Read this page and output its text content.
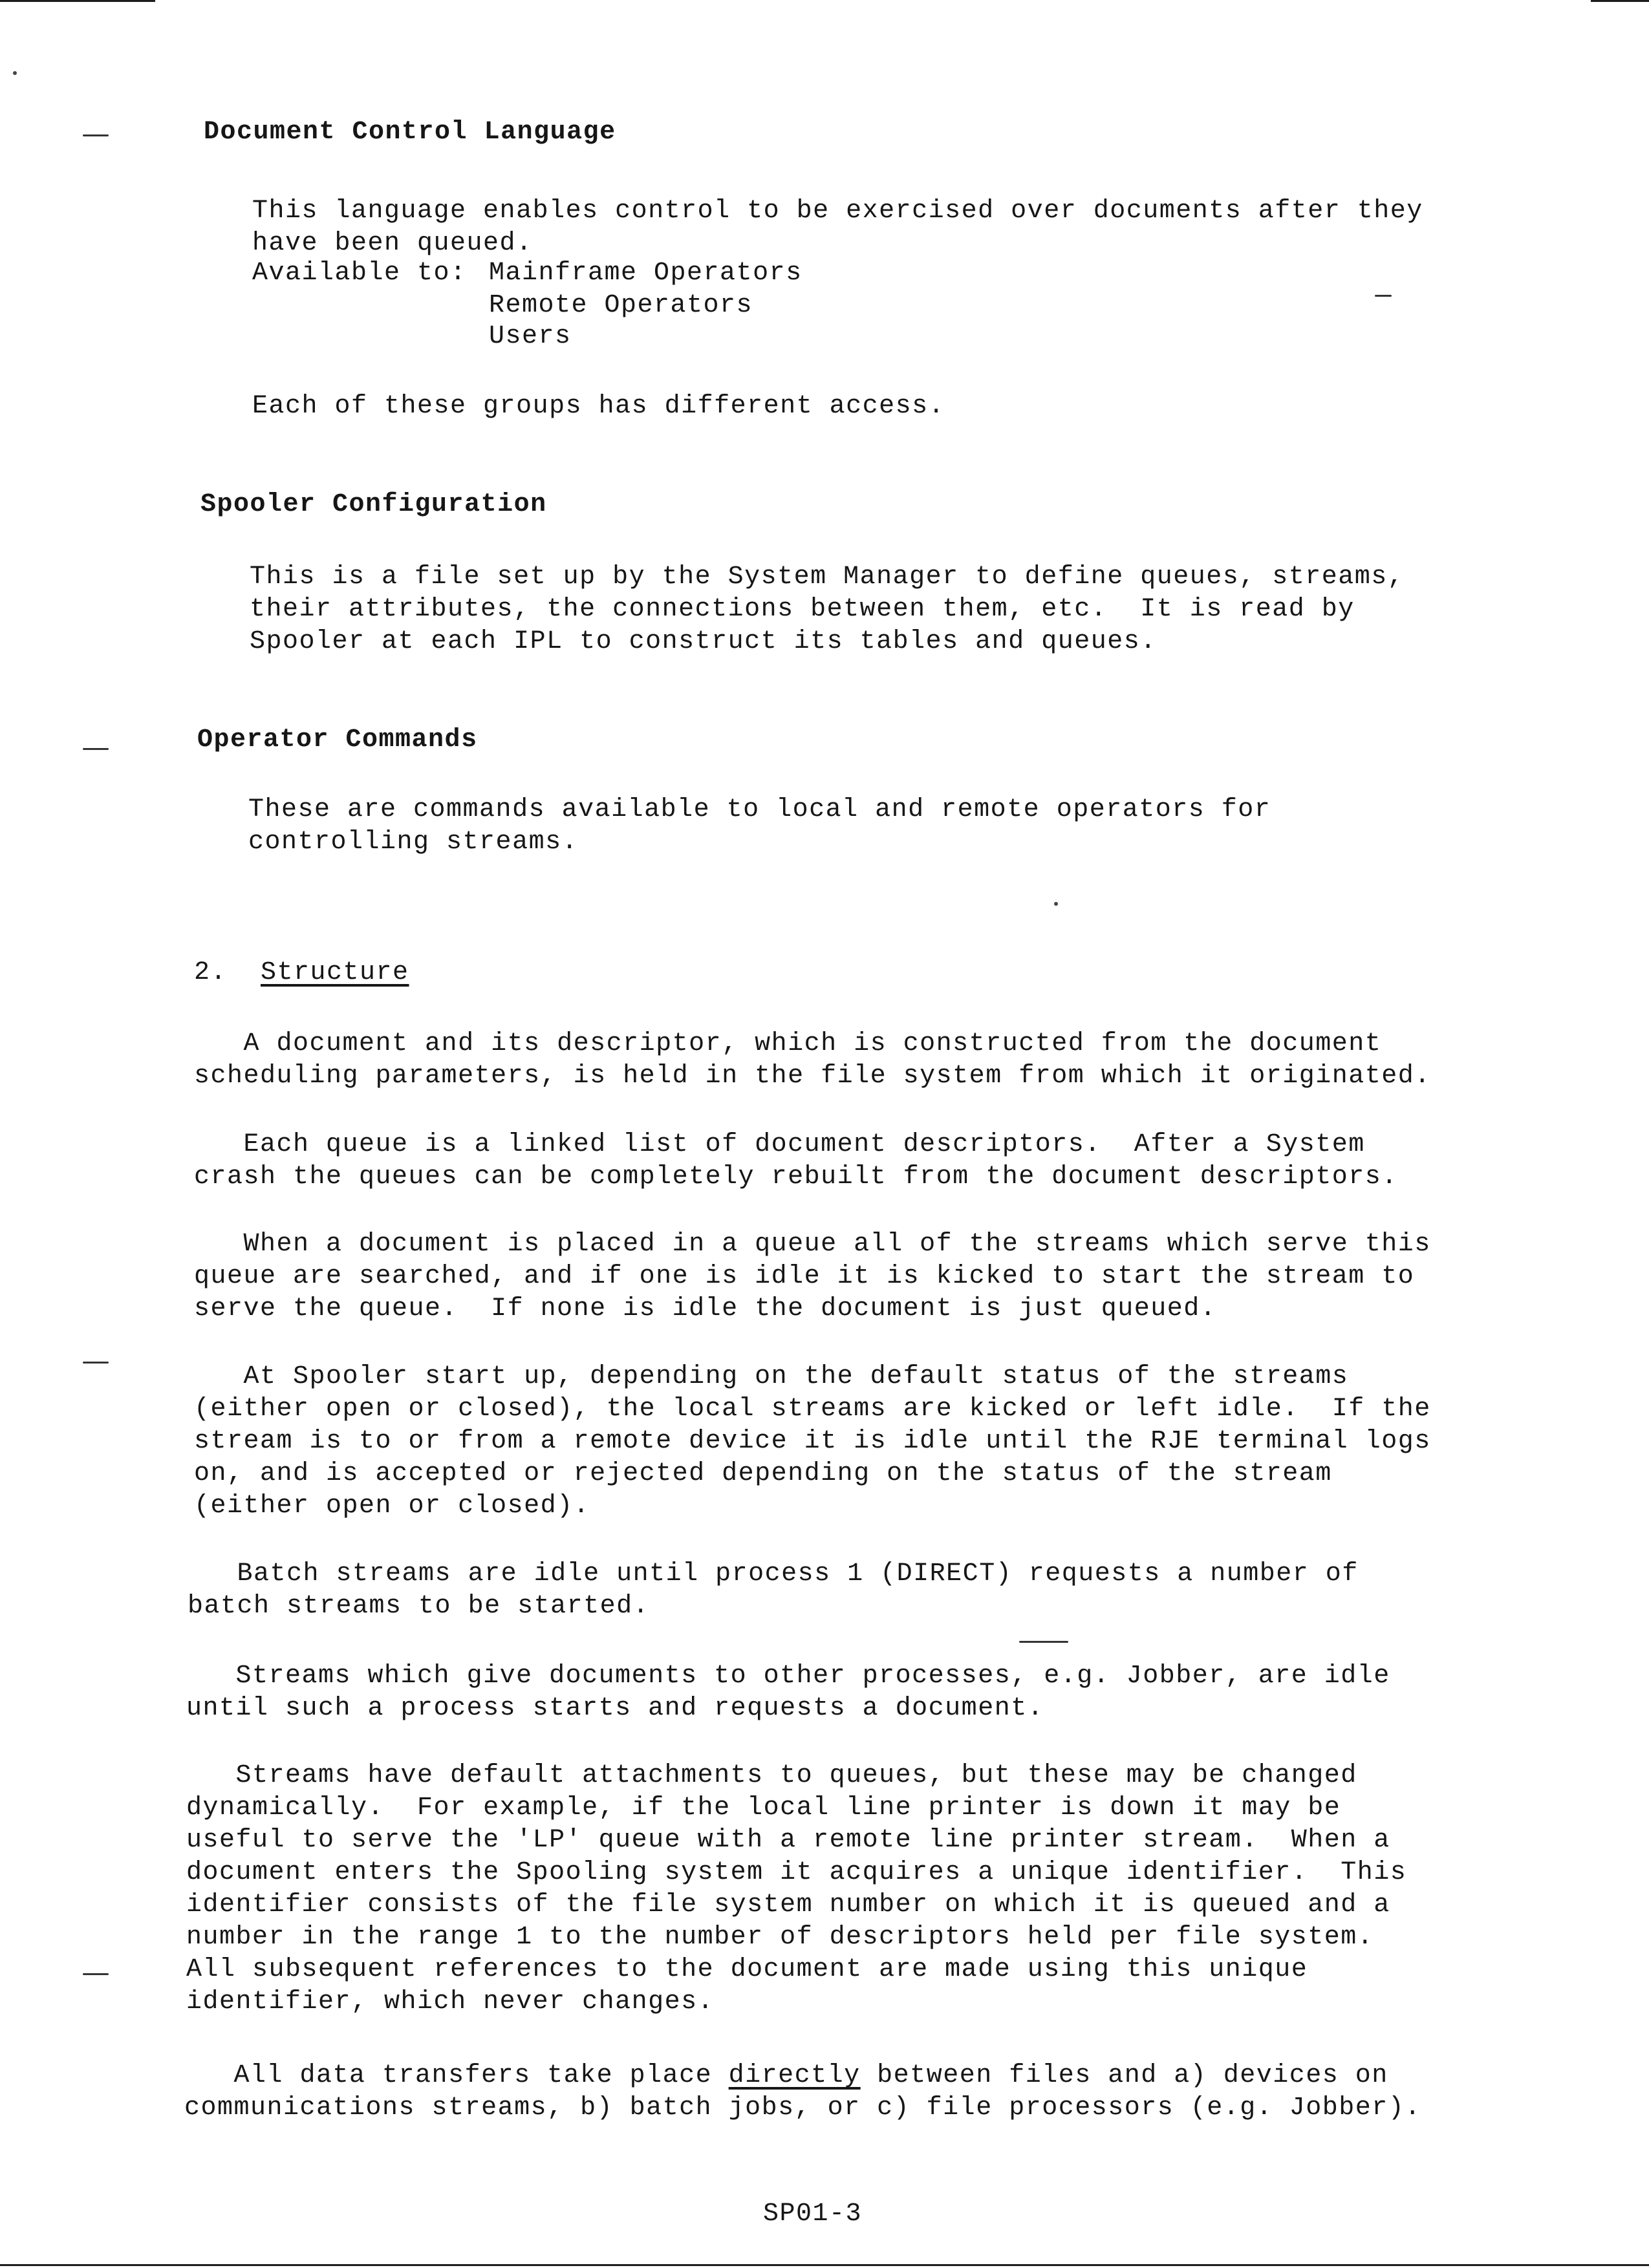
Document Control Language

This language enables control to be exercised over documents after they
have been queued.

Available to: Mainframe Operators
Remote Operators
Users

Each of these groups has different access.

Spooler Configuration

This is a file set up by the System Manager to define queues, streams,
their attributes, the connections between them, etc.  It is read by
Spooler at each IPL to construct its tables and queues.

Operator Commands

These are commands available to local and remote operators for
controlling streams.

2. Structure

A document and its descriptor, which is constructed from the document
scheduling parameters, is held in the file system from which it originated.

Each queue is a linked list of document descriptors.  After a System
crash the queues can be completely rebuilt from the document descriptors.

When a document is placed in a queue all of the streams which serve this
queue are searched, and if one is idle it is kicked to start the stream to
serve the queue.  If none is idle the document is just queued.

At Spooler start up, depending on the default status of the streams
(either open or closed), the local streams are kicked or left idle.  If the
stream is to or from a remote device it is idle until the RJE terminal logs
on, and is accepted or rejected depending on the status of the stream
(either open or closed).

Batch streams are idle until process 1 (DIRECT) requests a number of
batch streams to be started.

Streams which give documents to other processes, e.g. Jobber, are idle
until such a process starts and requests a document.

Streams have default attachments to queues, but these may be changed
dynamically.  For example, if the local line printer is down it may be
useful to serve the 'LP' queue with a remote line printer stream.  When a
document enters the Spooling system it acquires a unique identifier.  This
identifier consists of the file system number on which it is queued and a
number in the range 1 to the number of descriptors held per file system.
All subsequent references to the document are made using this unique
identifier, which never changes.

All data transfers take place directly between files and a) devices on
communications streams, b) batch jobs, or c) file processors (e.g. Jobber).

SP01-3
